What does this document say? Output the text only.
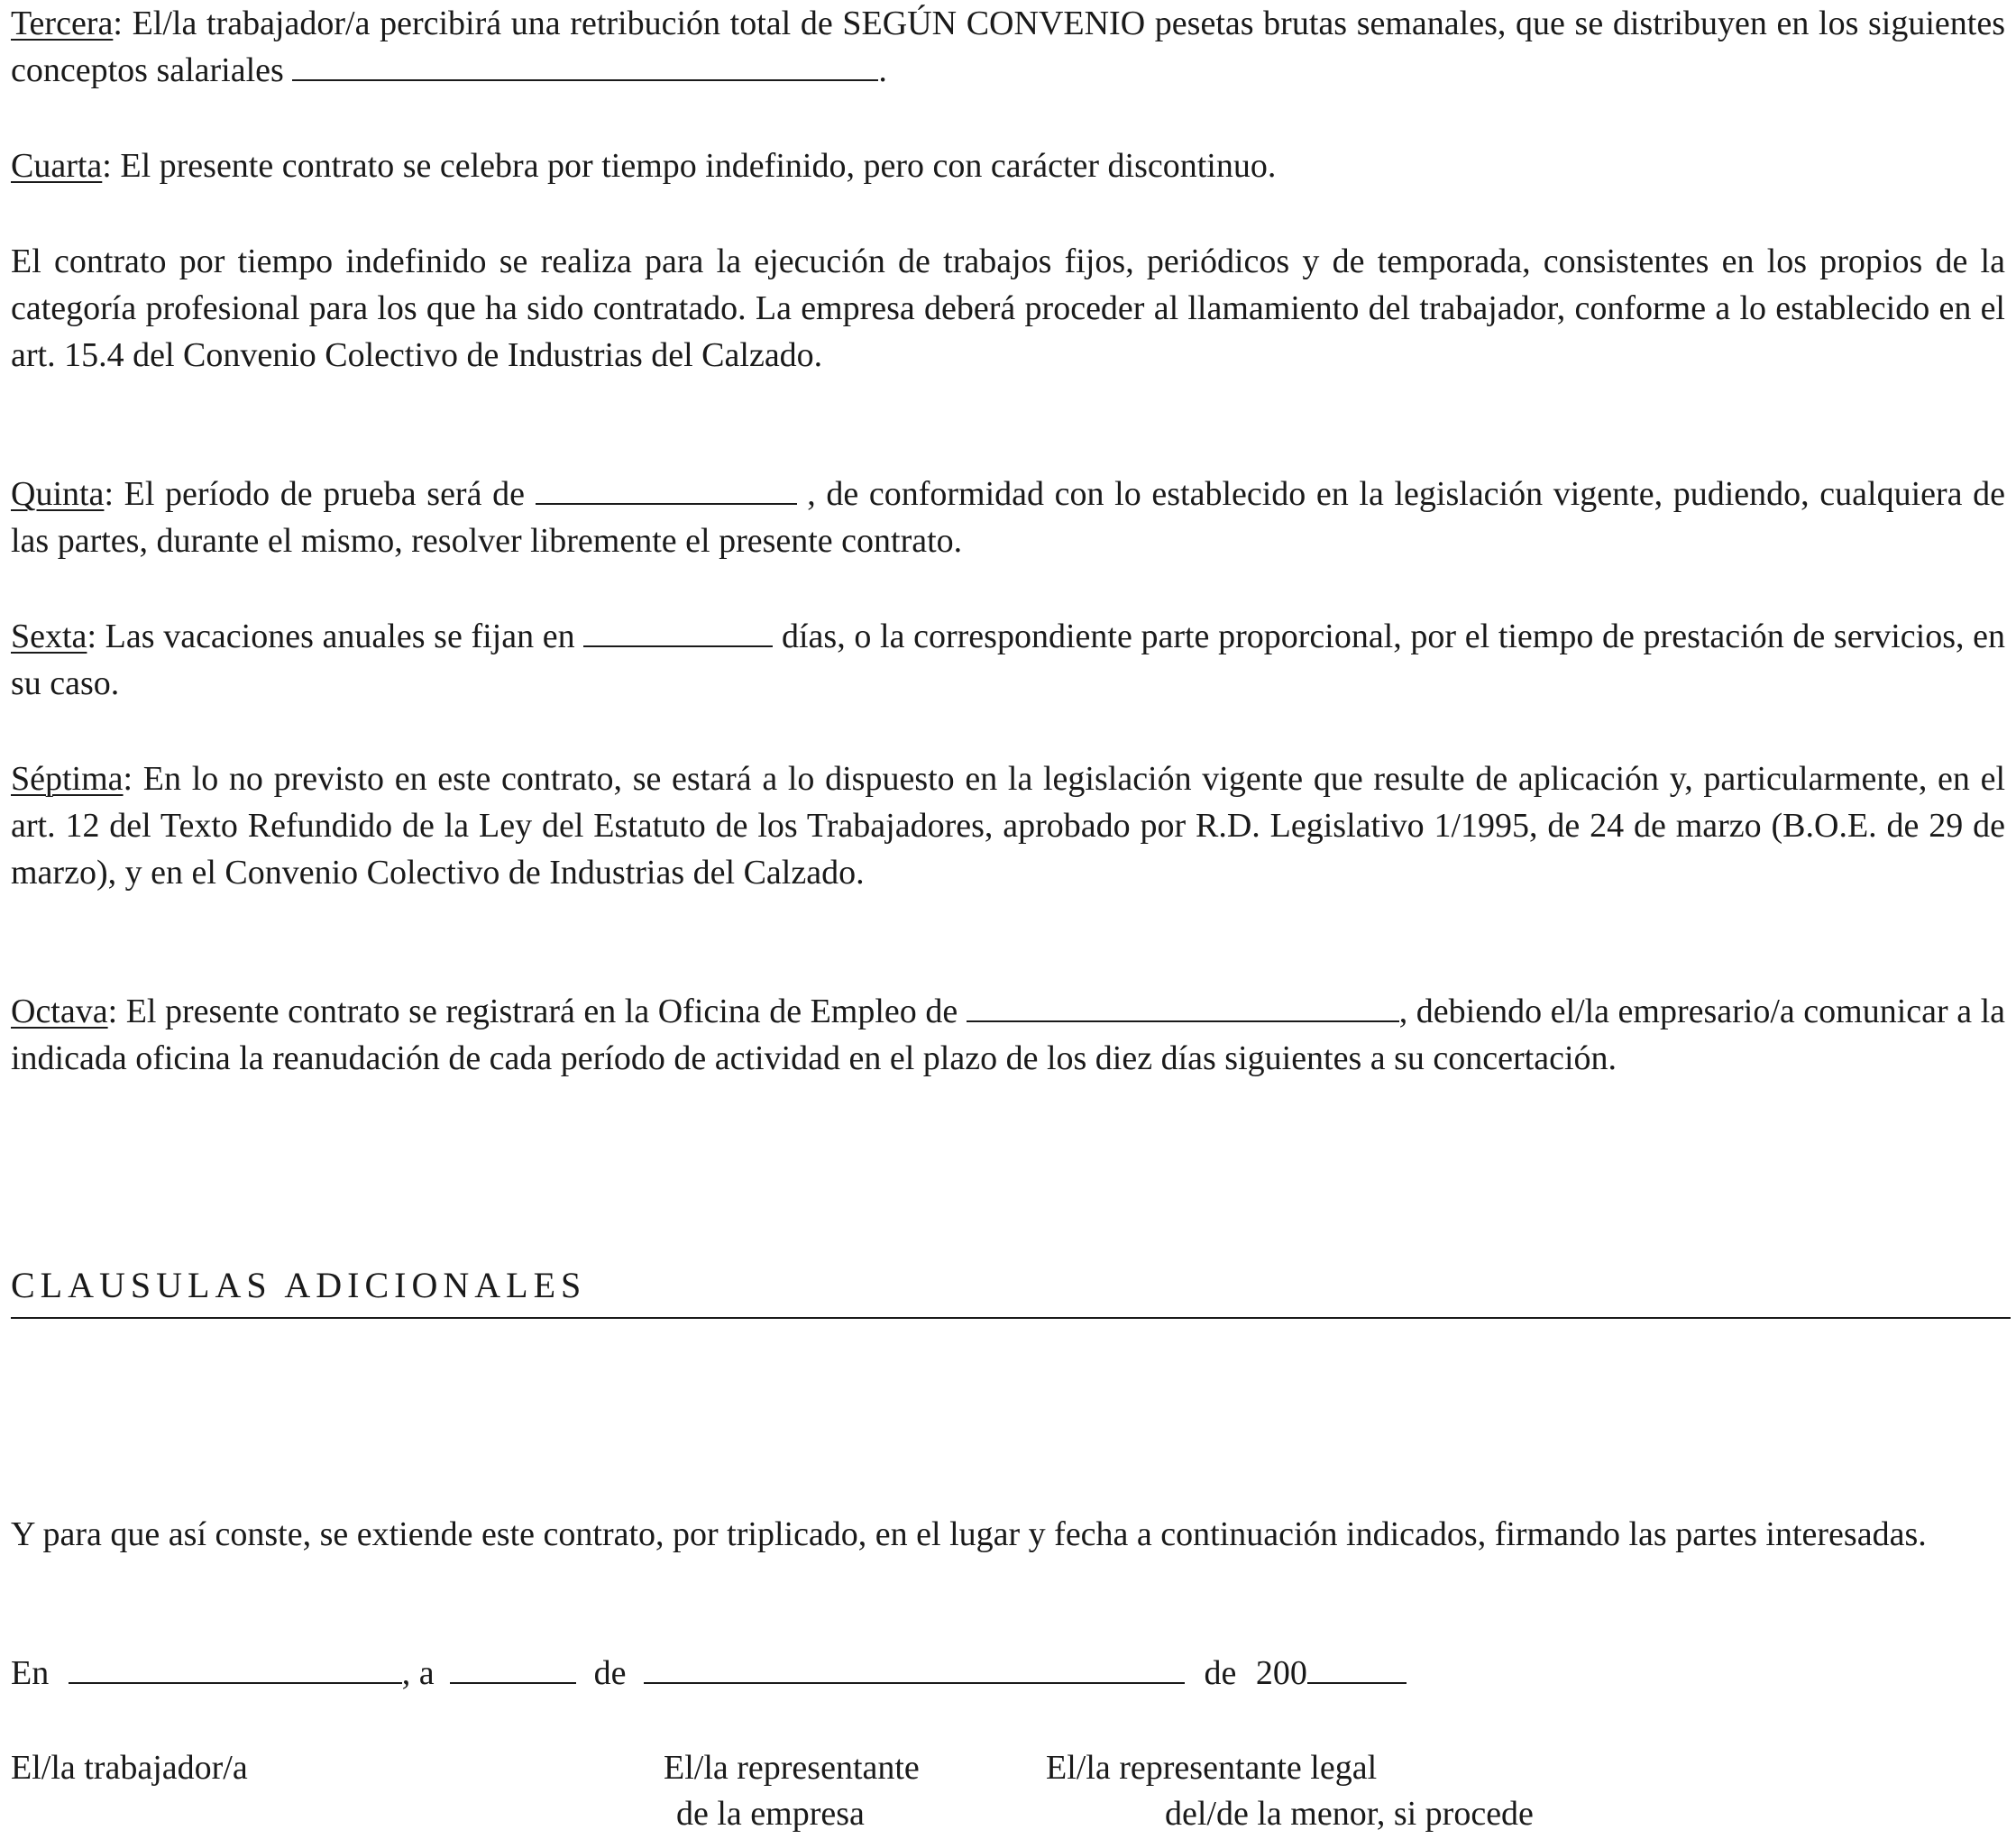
Tercera: El/la trabajador/a percibirá una retribución total de SEGÚN CONVENIO pesetas brutas semanales, que se distribuyen en los siguientes conceptos salariales	.
Cuarta: El presente contrato se celebra por tiempo indefinido, pero con carácter discontinuo.
El contrato por tiempo indefinido se realiza para la ejecución de trabajos fijos, periódicos y de temporada, consistentes en los propios de la categoría profesional para los que ha sido contratado. La empresa deberá proceder al llamamiento del trabajador, conforme a lo establecido en el art. 15.4 del Convenio Colectivo de Industrias del Calzado.
Quinta: El período de prueba será de	, de conformidad con lo establecido en la legislación vigente, pudiendo, cualquiera de las partes, durante el mismo, resolver libremente el presente contrato.
Sexta: Las vacaciones anuales se fijan en	días, o la correspondiente parte proporcional, por el tiempo de prestación de servicios, en su caso.
Séptima: En lo no previsto en este contrato, se estará a lo dispuesto en la legislación vigente que resulte de aplicación y, particularmente, en el art. 12 del Texto Refundido de la Ley del Estatuto de los Trabajadores, aprobado por R.D. Legislativo 1/1995, de 24 de marzo (B.O.E. de 29 de marzo), y en el Convenio Colectivo de Industrias del Calzado.
Octava: El presente contrato se registrará en la Oficina de Empleo de	, debiendo el/la empresario/a comunicar a la indicada oficina la reanudación de cada período de actividad en el plazo de los diez días siguientes a su concertación.
CLAUSULAS ADICIONALES
Y para que así conste, se extiende este contrato, por triplicado, en el lugar y fecha a continuación indicados, firmando las partes interesadas.
En	, a	de	de 200
El/la trabajador/a	El/la representante
de la empresa
El/la representante legal
del/de la menor, si procede
